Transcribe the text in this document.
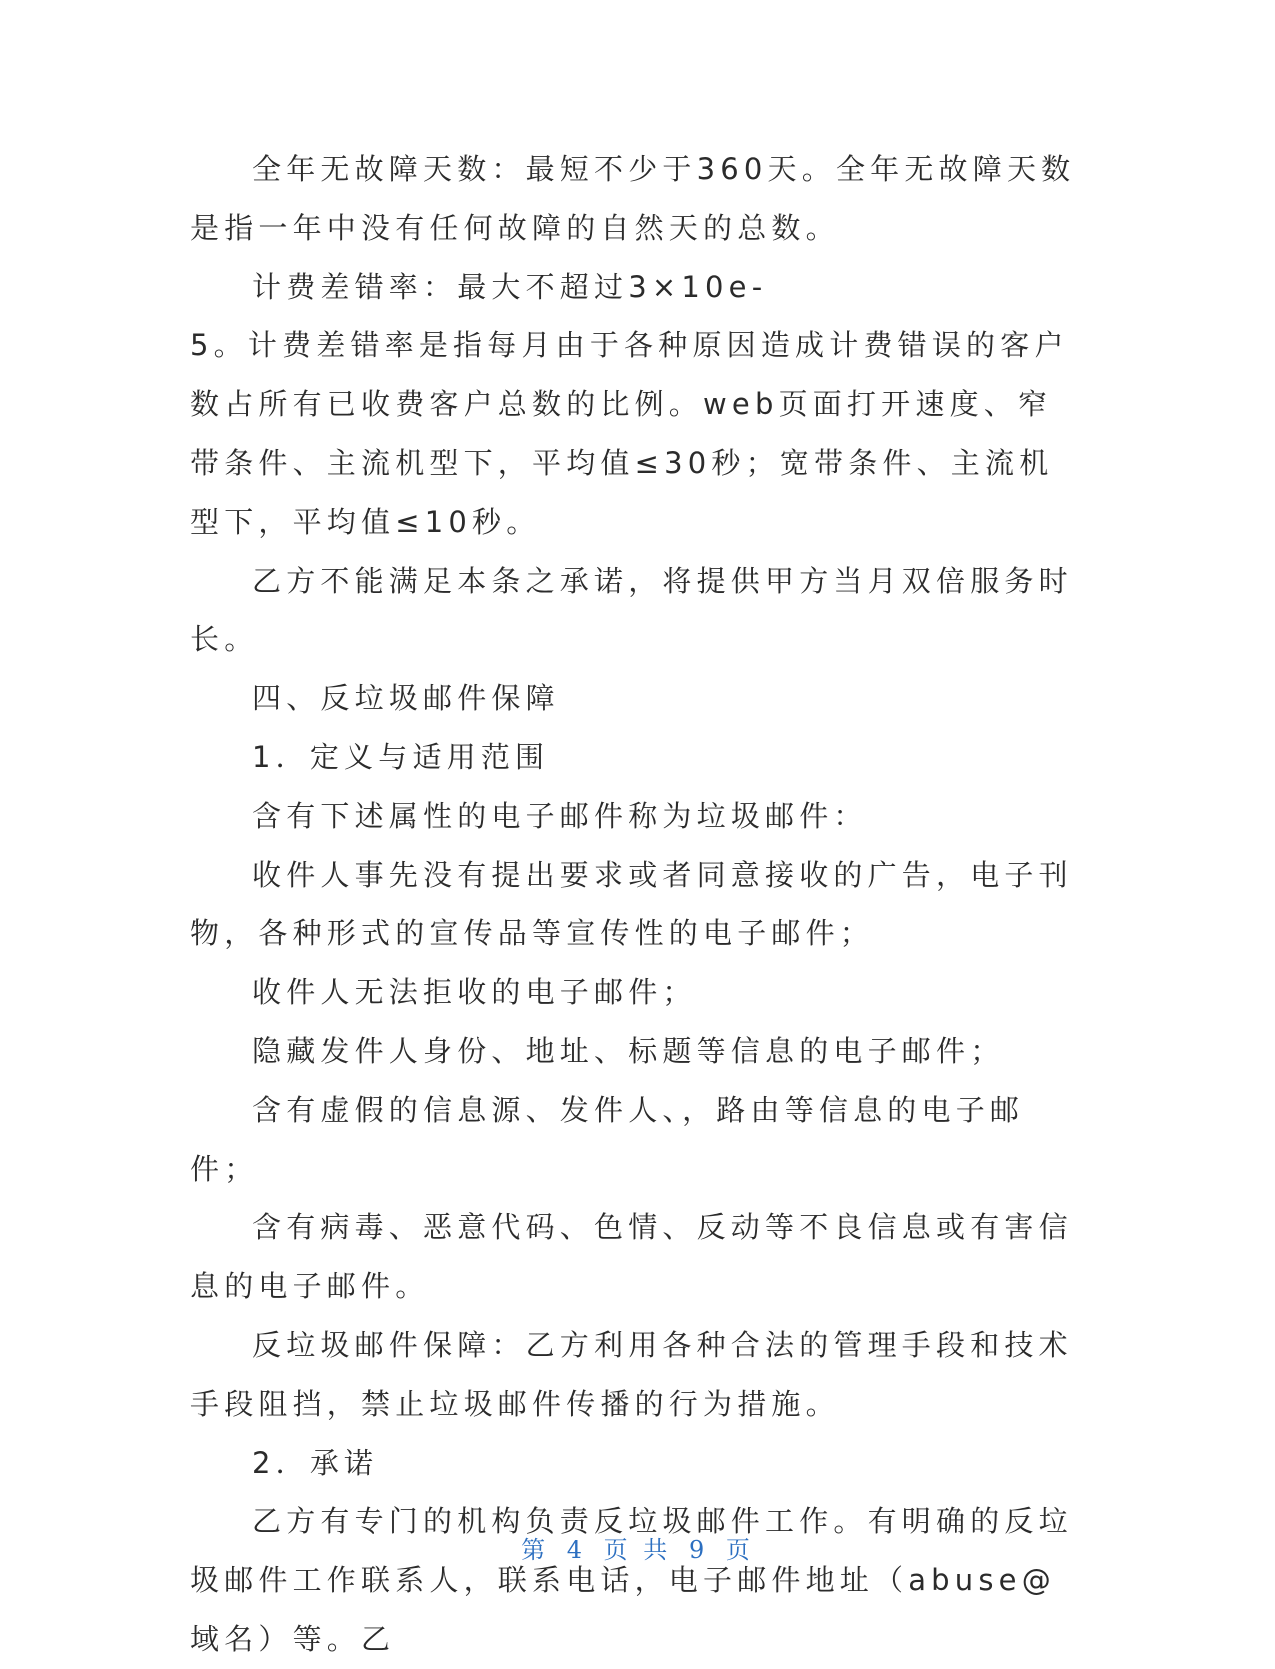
全年无故障天数：最短不少于360天。全年无故障天数是指一年中没有任何故障的自然天的总数。

计费差错率：最大不超过3×10e-

5。计费差错率是指每月由于各种原因造成计费错误的客户数占所有已收费客户总数的比例。web页面打开速度、窄带条件、主流机型下，平均值≤30秒；宽带条件、主流机型下，平均值≤10秒。

乙方不能满足本条之承诺，将提供甲方当月双倍服务时长。

四、反垃圾邮件保障

1．定义与适用范围

含有下述属性的电子邮件称为垃圾邮件：

收件人事先没有提出要求或者同意接收的广告，电子刊物，各种形式的宣传品等宣传性的电子邮件；

收件人无法拒收的电子邮件；

隐藏发件人身份、地址、标题等信息的电子邮件；

含有虚假的信息源、发件人、，路由等信息的电子邮件；

含有病毒、恶意代码、色情、反动等不良信息或有害信息的电子邮件。

反垃圾邮件保障：乙方利用各种合法的管理手段和技术手段阻挡，禁止垃圾邮件传播的行为措施。

2．承诺

乙方有专门的机构负责反垃圾邮件工作。有明确的反垃圾邮件工作联系人，联系电话，电子邮件地址（abuse@域名）等。乙

第 4 页 共 9 页
